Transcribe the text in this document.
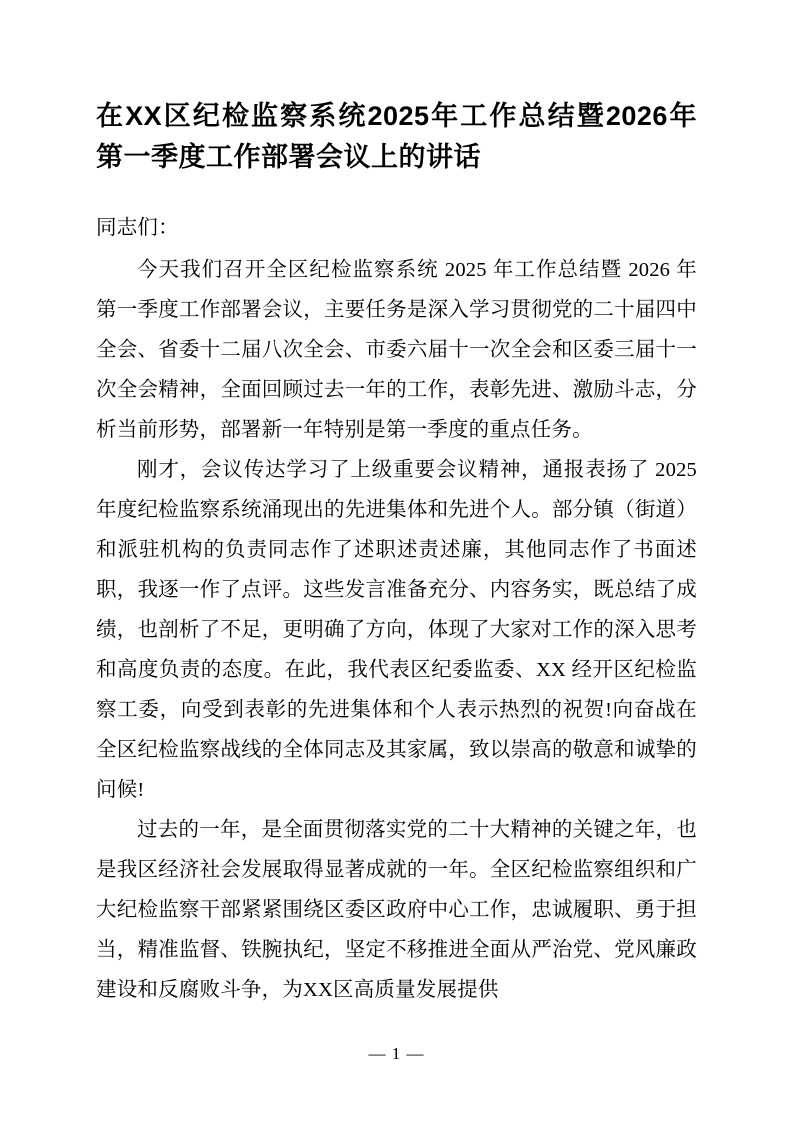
在XX区纪检监察系统2025年工作总结暨2026年第一季度工作部署会议上的讲话

同志们：

今天我们召开全区纪检监察系统 2025 年工作总结暨 2026 年第一季度工作部署会议，主要任务是深入学习贯彻党的二十届四中全会、省委十二届八次全会、市委六届十一次全会和区委三届十一次全会精神，全面回顾过去一年的工作，表彰先进、激励斗志，分析当前形势，部署新一年特别是第一季度的重点任务。

刚才，会议传达学习了上级重要会议精神，通报表扬了 2025 年度纪检监察系统涌现出的先进集体和先进个人。部分镇（街道）和派驻机构的负责同志作了述职述责述廉，其他同志作了书面述职，我逐一作了点评。这些发言准备充分、内容务实，既总结了成绩，也剖析了不足，更明确了方向，体现了大家对工作的深入思考和高度负责的态度。在此，我代表区纪委监委、XX 经开区纪检监察工委，向受到表彰的先进集体和个人表示热烈的祝贺!向奋战在全区纪检监察战线的全体同志及其家属，致以崇高的敬意和诚挚的问候!

过去的一年，是全面贯彻落实党的二十大精神的关键之年，也是我区经济社会发展取得显著成就的一年。全区纪检监察组织和广大纪检监察干部紧紧围绕区委区政府中心工作，忠诚履职、勇于担当，精准监督、铁腕执纪，坚定不移推进全面从严治党、党风廉政建设和反腐败斗争，为XX区高质量发展提供

— 1 —
